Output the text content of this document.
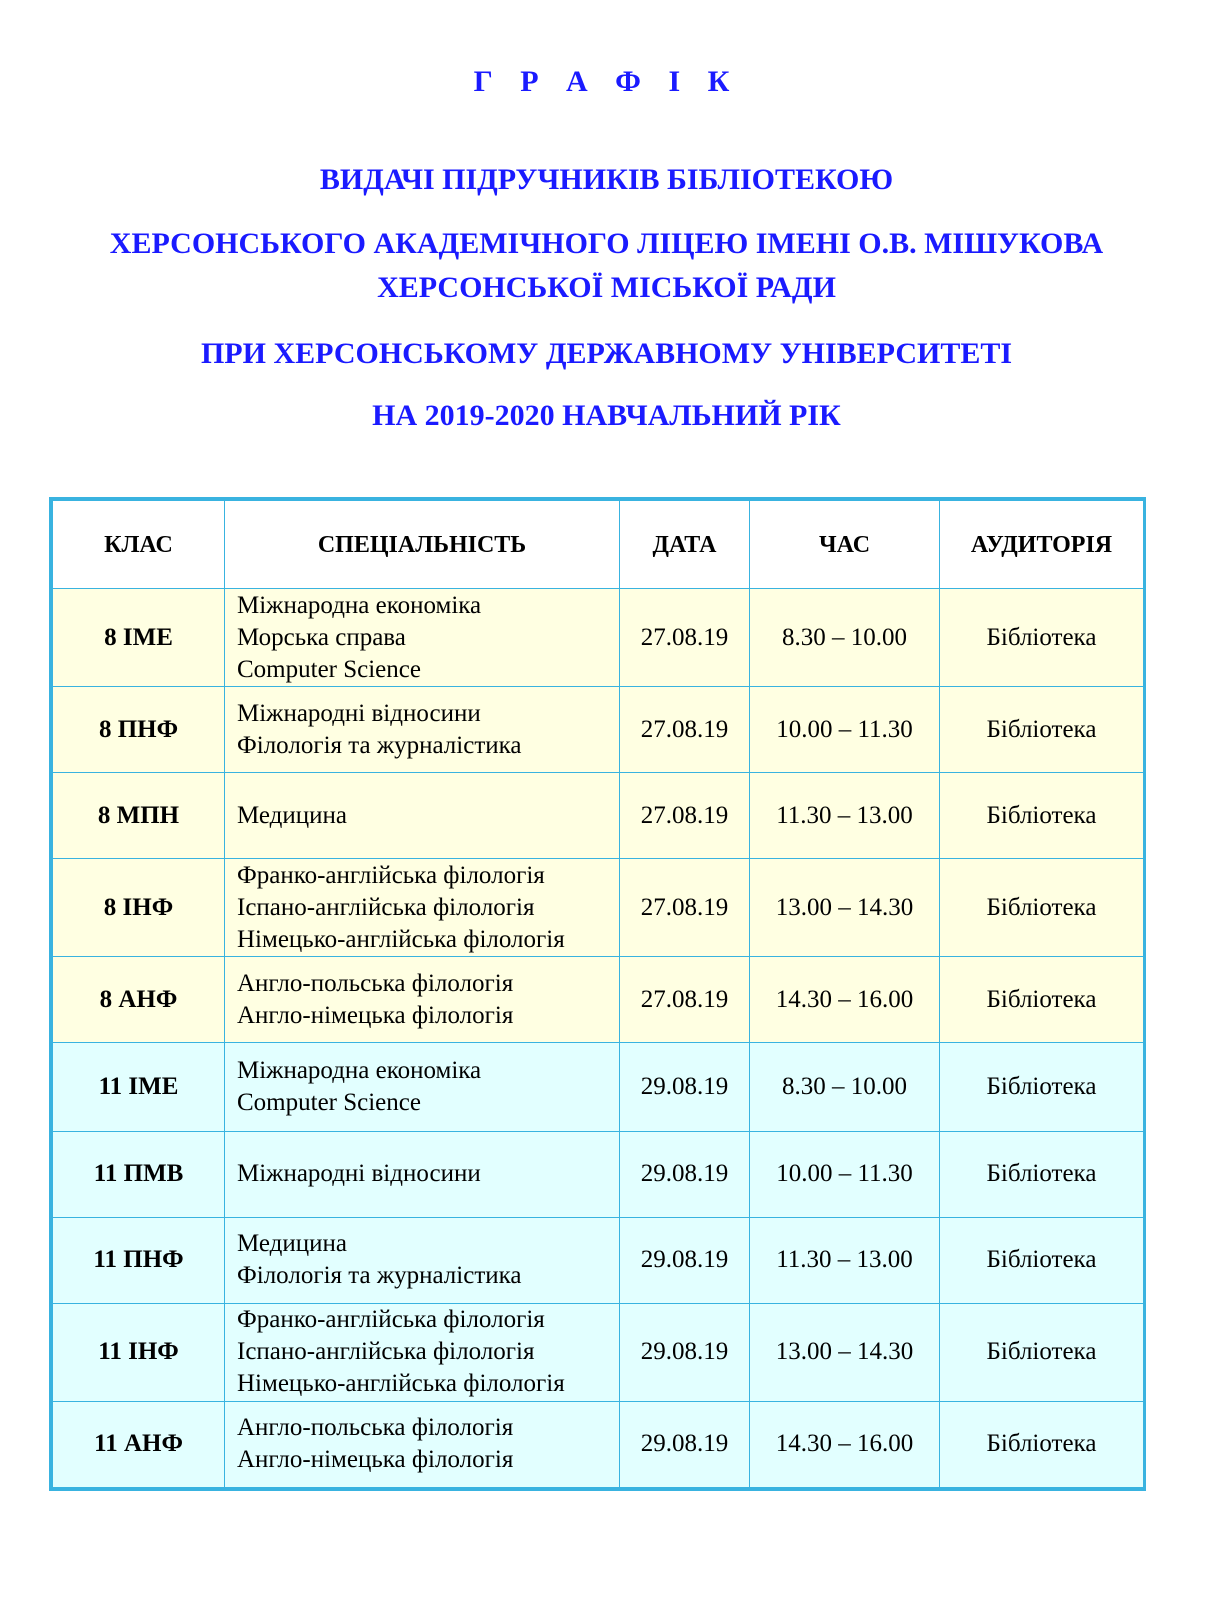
Г Р А Ф І К

ВИДАЧІ ПІДРУЧНИКІВ БІБЛІОТЕКОЮ

ХЕРСОНСЬКОГО АКАДЕМІЧНОГО ЛІЦЕЮ ІМЕНІ О.В. МІШУКОВА

ХЕРСОНСЬКОЇ МІСЬКОЇ РАДИ

ПРИ ХЕРСОНСЬКОМУ ДЕРЖАВНОМУ УНІВЕРСИТЕТІ

НА 2019-2020 НАВЧАЛЬНИЙ РІК

КЛАС	СПЕЦІАЛЬНІСТЬ	ДАТА	ЧАС	АУДИТОРІЯ
8 ІМЕ	Міжнародна економіка
Морська справа
Computer Science	27.08.19	8.30 – 10.00	Бібліотека
8 ПНФ	Міжнародні відносини
Філологія та журналістика	27.08.19	10.00 – 11.30	Бібліотека
8 МПН	Медицина	27.08.19	11.30 – 13.00	Бібліотека
8 ІНФ	Франко-англійська філологія
Іспано-англійська філологія
Німецько-англійська філологія	27.08.19	13.00 – 14.30	Бібліотека
8 АНФ	Англо-польська філологія
Англо-німецька філологія	27.08.19	14.30 – 16.00	Бібліотека
11 ІМЕ	Міжнародна економіка
Computer Science	29.08.19	8.30 – 10.00	Бібліотека
11 ПМВ	Міжнародні відносини	29.08.19	10.00 – 11.30	Бібліотека
11 ПНФ	Медицина
Філологія та журналістика	29.08.19	11.30 – 13.00	Бібліотека
11 ІНФ	Франко-англійська філологія
Іспано-англійська філологія
Німецько-англійська філологія	29.08.19	13.00 – 14.30	Бібліотека
11 АНФ	Англо-польська філологія
Англо-німецька філологія	29.08.19	14.30 – 16.00	Бібліотека
